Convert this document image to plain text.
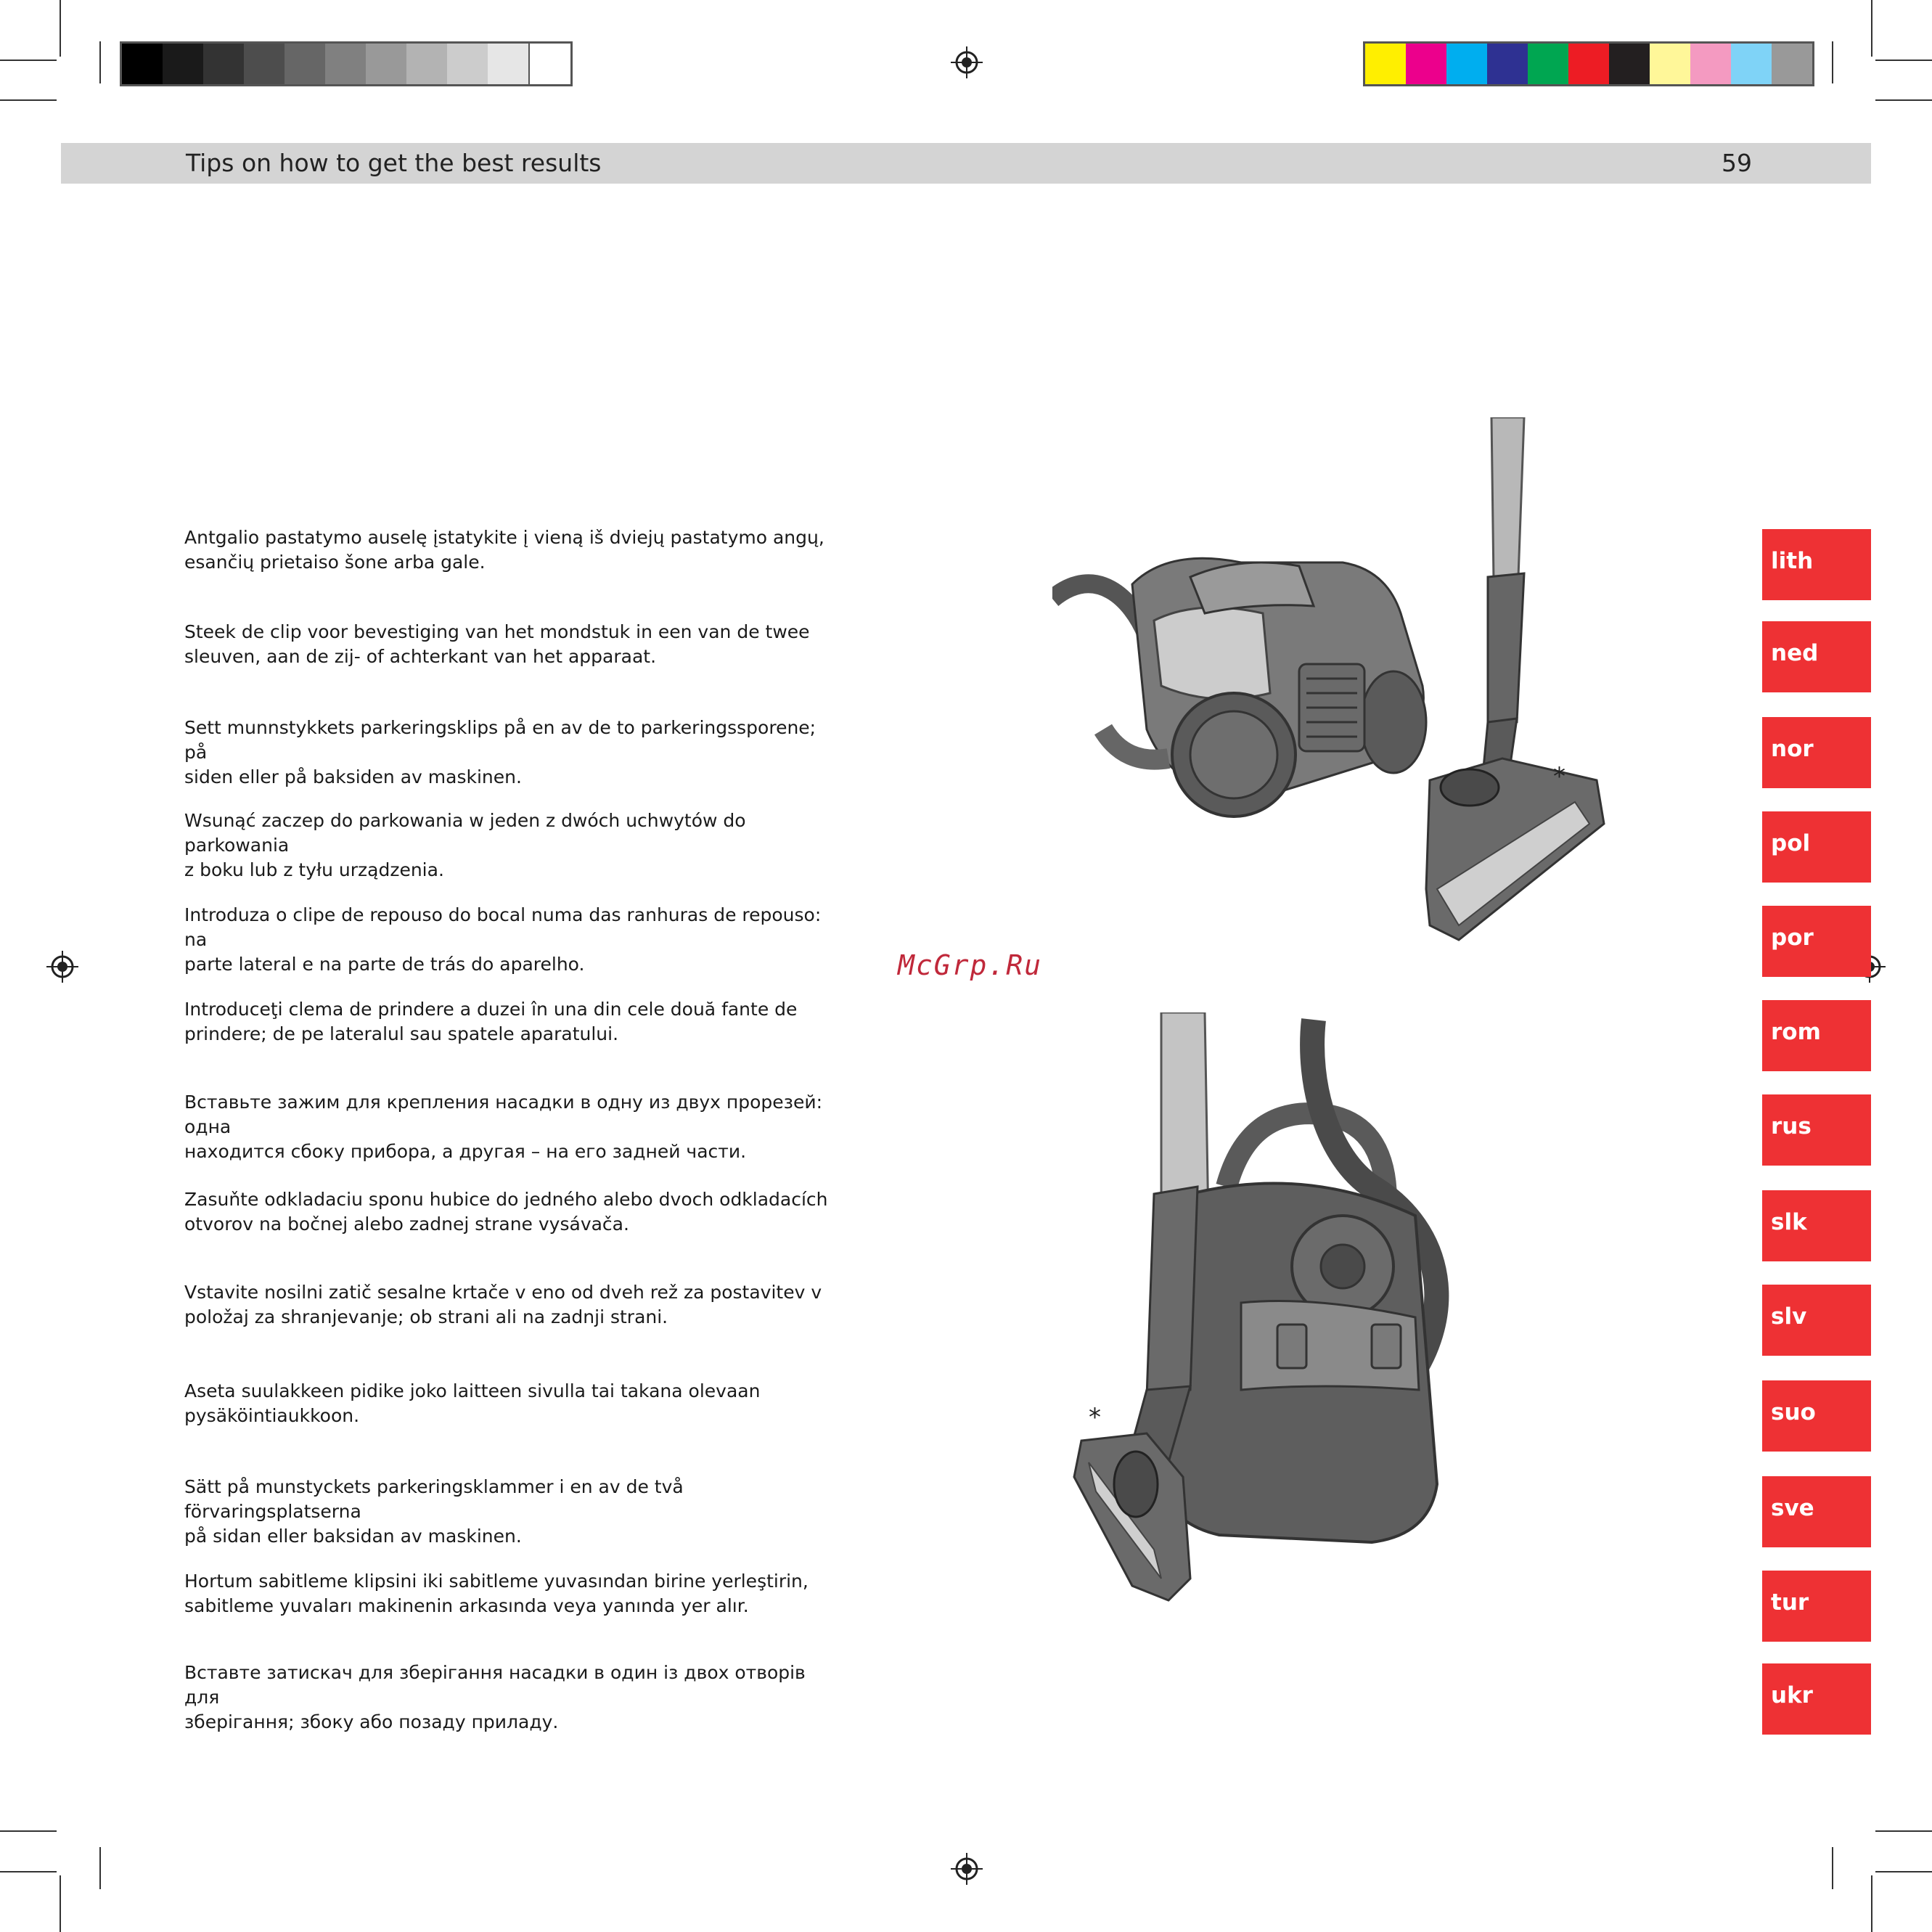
Tips on how to get the best results	59

Antgalio pastatymo auselę įstatykite į vieną iš dviejų pastatymo angų,
esančių prietaiso šone arba gale.

Steek de clip voor bevestiging van het mondstuk in een van de twee
sleuven, aan de zij- of achterkant van het apparaat.

Sett munnstykkets parkeringsklips på en av de to parkeringssporene; på
siden eller på baksiden av maskinen.

Wsunąć zaczep do parkowania w jeden z dwóch uchwytów do parkowania
z boku lub z tyłu urządzenia.

Introduza o clipe de repouso do bocal numa das ranhuras de repouso: na
parte lateral e na parte de trás do aparelho.

Introduceţi clema de prindere a duzei în una din cele două fante de
prindere; de pe lateralul sau spatele aparatului.

Вставьте зажим для крепления насадки в одну из двух прорезей: одна
находится сбоку прибора, а другая – на его задней части.

Zasuňte odkladaciu sponu hubice do jedného alebo dvoch odkladacích
otvorov na bočnej alebo zadnej strane vysávača.

Vstavite nosilni zatič sesalne krtače v eno od dveh rež za postavitev v
položaj za shranjevanje; ob strani ali na zadnji strani.

Aseta suulakkeen pidike joko laitteen sivulla tai takana olevaan
pysäköintiaukkoon.

Sätt på munstyckets parkeringsklammer i en av de två förvaringsplatserna
på sidan eller baksidan av maskinen.

Hortum sabitleme klipsini iki sabitleme yuvasından birine yerleştirin,
sabitleme yuvaları makinenin arkasında veya yanında yer alır.

Вставте затискач для зберігання насадки в один із двох отворів для
зберігання; збоку або позаду приладу.

lith
ned
nor
pol
por
rom
rus
slk
slv
suo
sve
tur
ukr
*
McGrp.Ru
*
